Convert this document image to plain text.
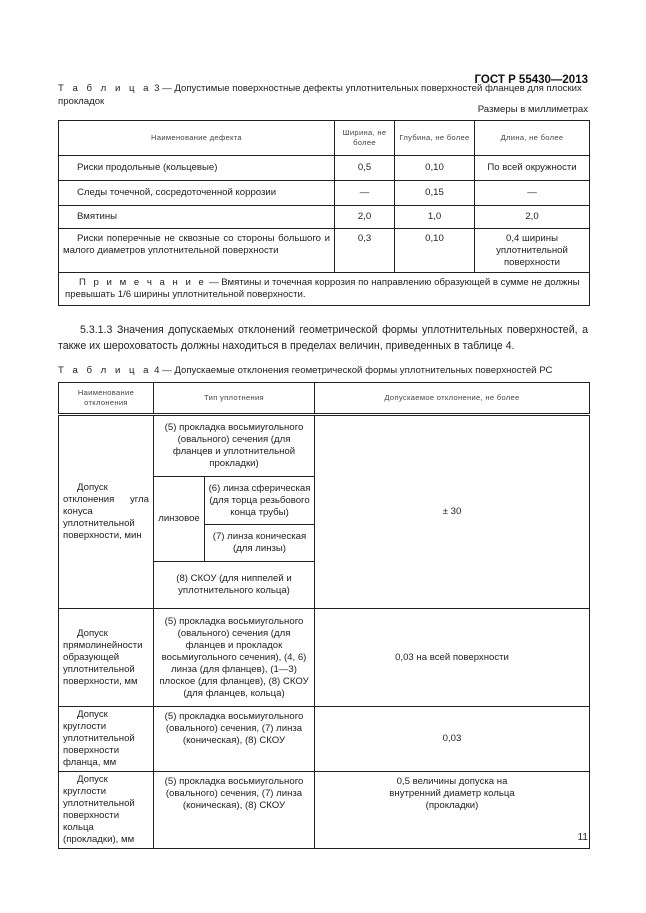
ГОСТ Р 55430—2013
Т а б л и ц а 3 — Допустимые поверхностные дефекты уплотнительных поверхностей фланцев для плоских прокладок
Размеры в миллиметрах
Наименование дефекта	Ширина, не более	Глубина, не более	Длина, не более
Риски продольные (кольцевые)	0,5	0,10	По всей окружности
Следы точечной, сосредоточенной коррозии	—	0,15	—
Вмятины	2,0	1,0	2,0
Риски поперечные не сквозные со стороны большого и малого диаметров уплотнительной поверхности	0,3	0,10	0,4 ширины уплотнительной поверхности
П р и м е ч а н и е — Вмятины и точечная коррозия по направлению образующей в сумме не должны превышать 1/6 ширины уплотнительной поверхности.			
5.3.1.3 Значения допускаемых отклонений геометрической формы уплотнительных поверхностей, а также их шероховатость должны находиться в пределах величин, приведенных в таблице 4.
Т а б л и ц а 4 — Допускаемые отклонения геометрической формы уплотнительных поверхностей РС
Наименование отклонения	Тип уплотнения		Допускаемое отклонение, не более
Допуск отклонения угла конуса уплотнительной поверхности, мин	(5) прокладка восьмиугольного (овального) сечения (для фланцев и уплотнительной прокладки)		± 30
	линзовое	(6) линза сферическая (для торца резьбового конца трубы)	
		(7) линза коническая (для линзы)	
	(8) СКОУ (для ниппелей и уплотнительного кольца)		
Допуск прямолинейности образующей уплотнительной поверхности, мм	(5) прокладка восьмиугольного (овального) сечения (для фланцев и прокладок восьмиугольного сечения), (4, 6) линза (для фланцев), (1—3) плоское (для фланцев), (8) СКОУ (для фланцев, кольца)		0,03 на всей поверхности
Допуск круглости уплотнительной поверхности фланца, мм	(5) прокладка восьмиугольного (овального) сечения, (7) линза (коническая), (8) СКОУ		0,03
Допуск круглости уплотнительной поверхности кольца (прокладки), мм	(5) прокладка восьмиугольного (овального) сечения, (7) линза (коническая), (8) СКОУ		0,5 величины допуска на внутренний диаметр кольца (прокладки)
11
